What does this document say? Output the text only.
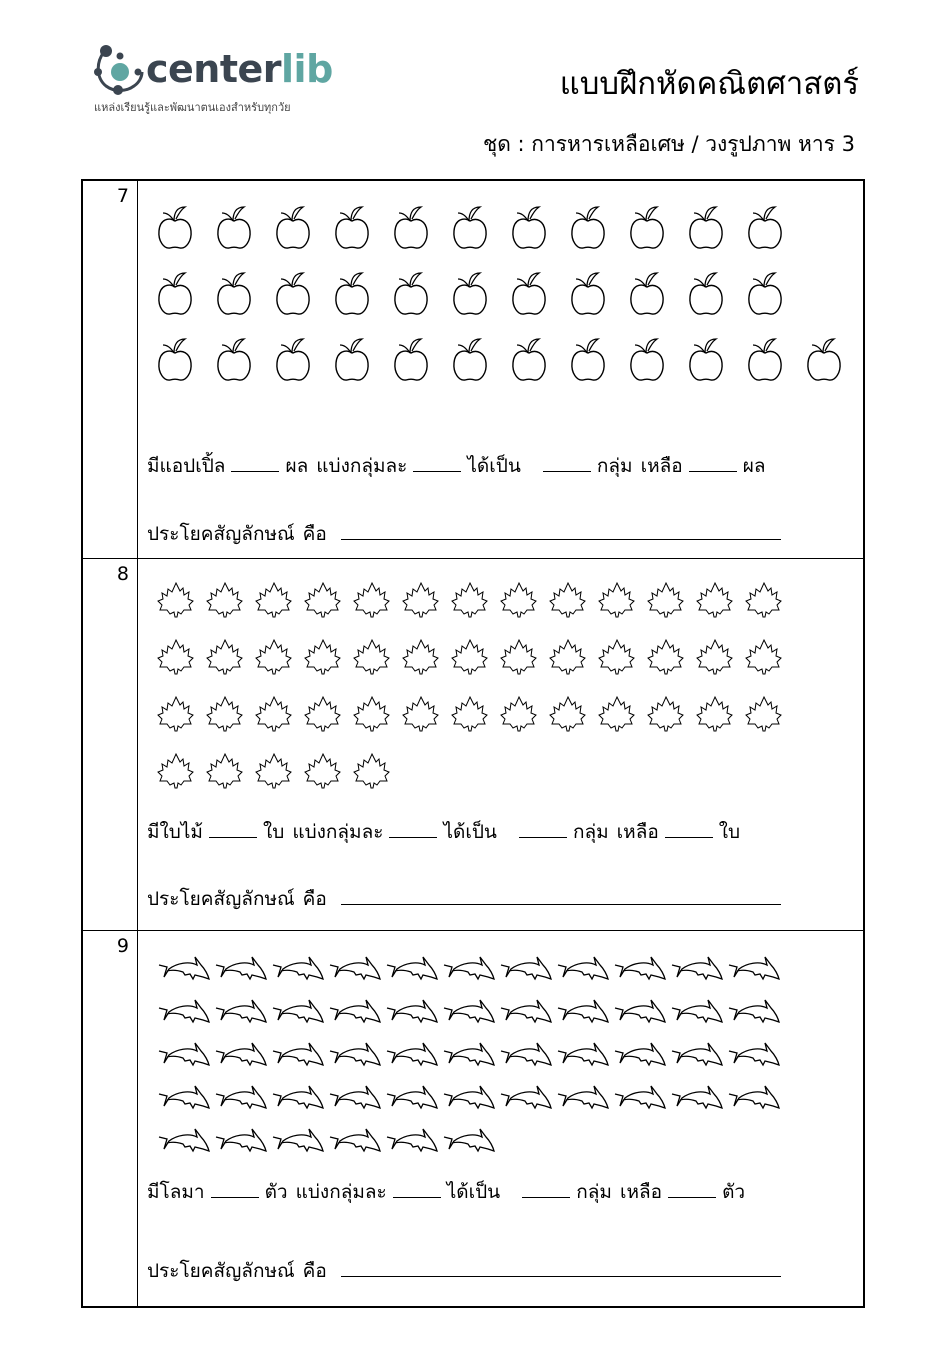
centerlib
แหล่งเรียนรู้และพัฒนาตนเองสำหรับทุกวัย
แบบฝึกหัดคณิตศาสตร์
ชุด : การหารเหลือเศษ / วงรูปภาพ หาร 3
7
มีแอปเปิ้ล	ผล แบ่งกลุ่มละ	ได้เป็น	กลุ่ม เหลือ	ผล
ประโยคสัญลักษณ์ คือ
8
มีใบไม้	ใบ แบ่งกลุ่มละ	ได้เป็น	กลุ่ม เหลือ	ใบ
ประโยคสัญลักษณ์ คือ
9
มีโลมา	ตัว แบ่งกลุ่มละ	ได้เป็น	กลุ่ม เหลือ	ตัว
ประโยคสัญลักษณ์ คือ
